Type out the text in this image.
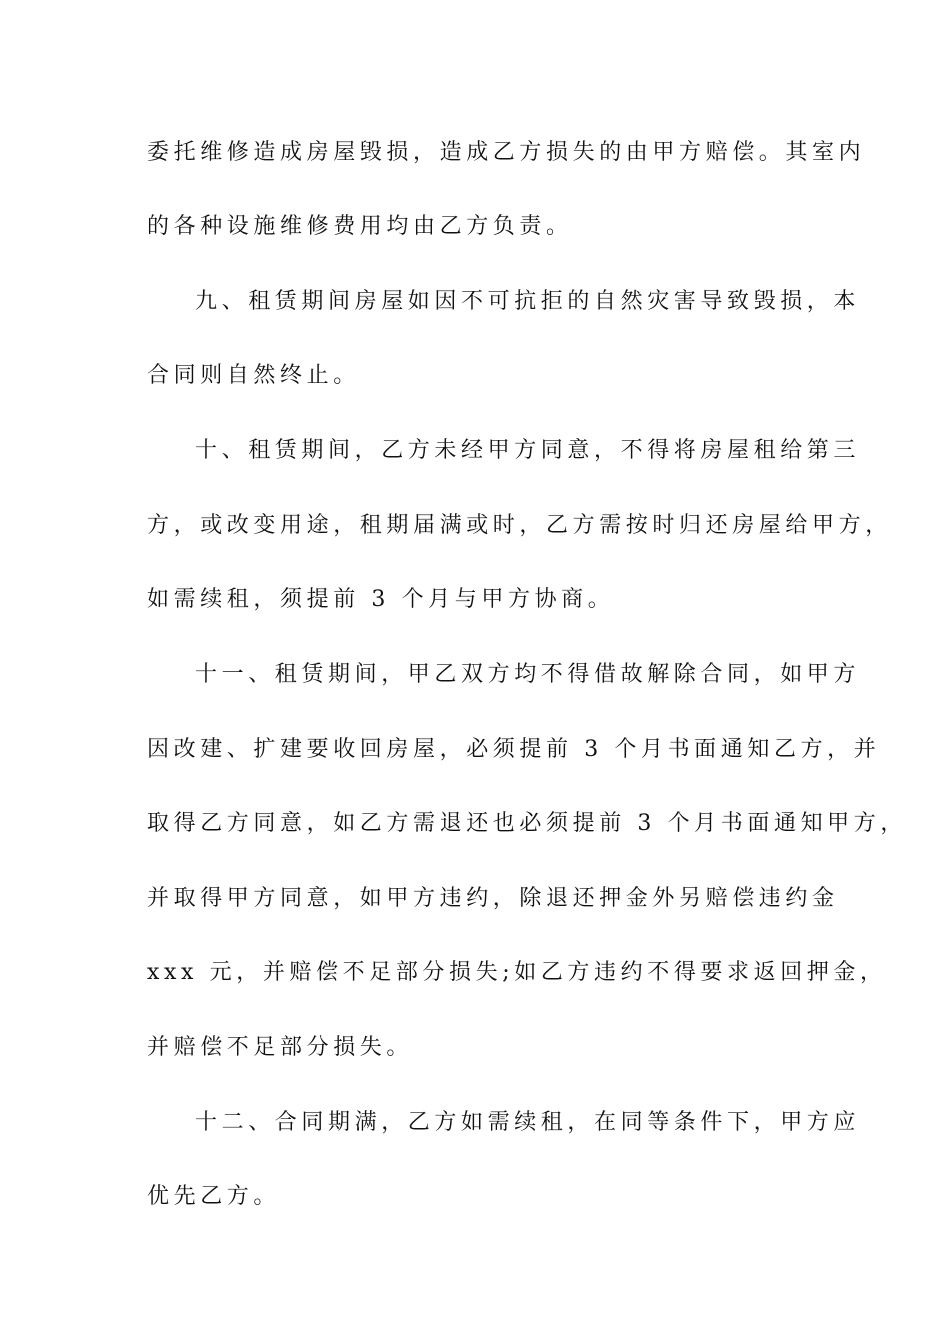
委托维修造成房屋毁损，造成乙方损失的由甲方赔偿。其室内
的各种设施维修费用均由乙方负责。
九、租赁期间房屋如因不可抗拒的自然灾害导致毁损，本
合同则自然终止。
十、租赁期间，乙方未经甲方同意，不得将房屋租给第三
方，或改变用途，租期届满或时，乙方需按时归还房屋给甲方，
如需续租，须提前 3 个月与甲方协商。
十一、租赁期间，甲乙双方均不得借故解除合同，如甲方
因改建、扩建要收回房屋，必须提前 3 个月书面通知乙方，并
取得乙方同意，如乙方需退还也必须提前 3 个月书面通知甲方，
并取得甲方同意，如甲方违约，除退还押金外另赔偿违约金
xxx 元，并赔偿不足部分损失;如乙方违约不得要求返回押金，
并赔偿不足部分损失。
十二、合同期满，乙方如需续租，在同等条件下，甲方应
优先乙方。
